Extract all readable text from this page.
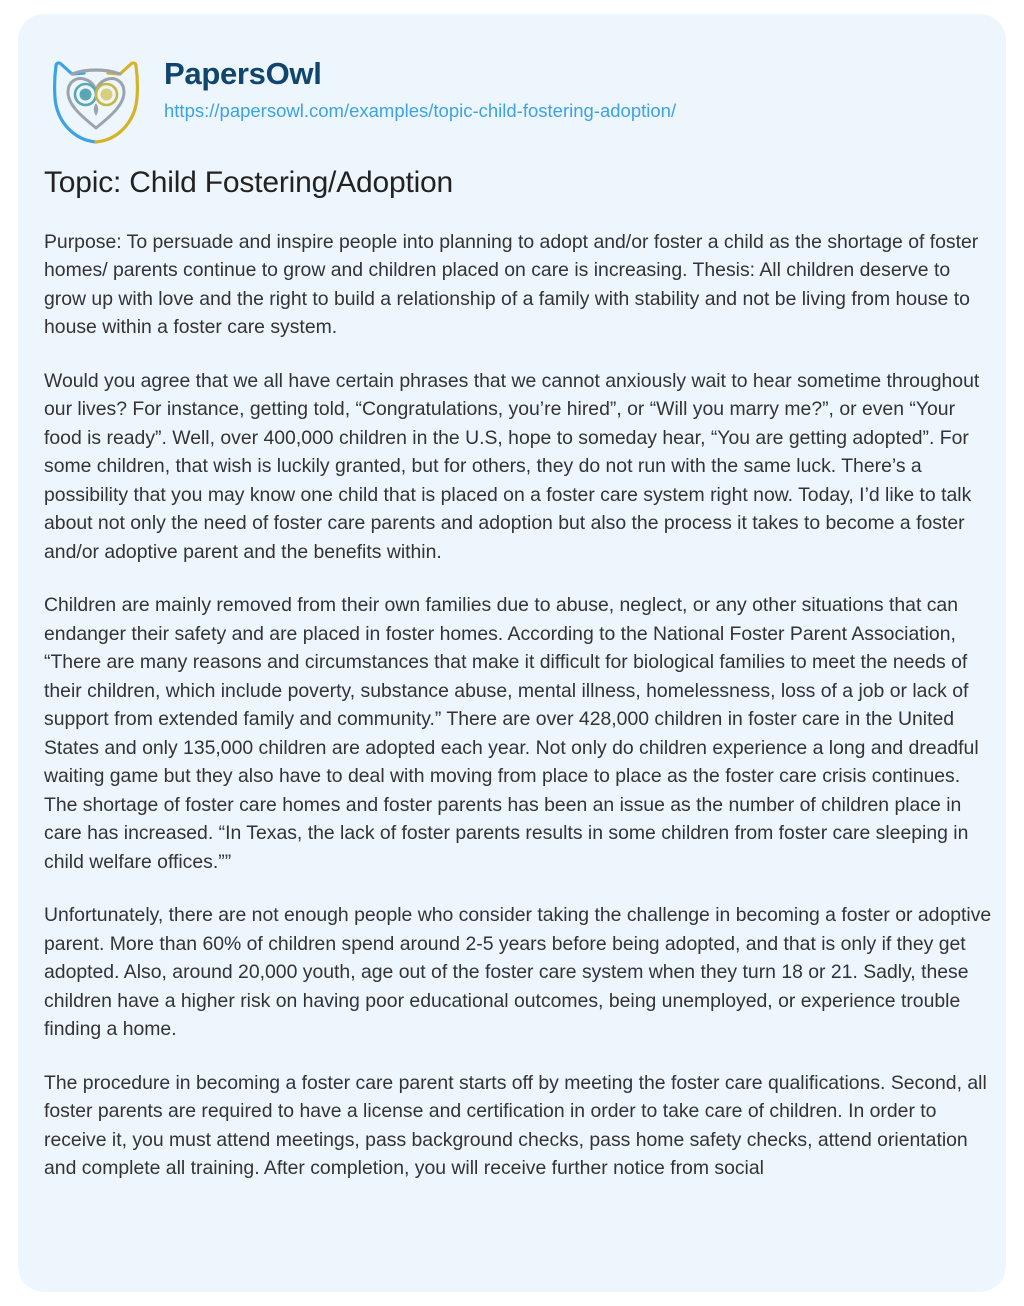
PapersOwl
https://papersowl.com/examples/topic-child-fostering-adoption/
Topic: Child Fostering/Adoption

Purpose: To persuade and inspire people into planning to adopt and/or foster a child as the shortage of foster homes/ parents continue to grow and children placed on care is increasing. Thesis: All children deserve to grow up with love and the right to build a relationship of a family with stability and not be living from house to house within a foster care system.

Would you agree that we all have certain phrases that we cannot anxiously wait to hear sometime throughout our lives? For instance, getting told, “Congratulations, you’re hired”, or “Will you marry me?”, or even “Your food is ready”. Well, over 400,000 children in the U.S, hope to someday hear, “You are getting adopted”. For some children, that wish is luckily granted, but for others, they do not run with the same luck. There’s a possibility that you may know one child that is placed on a foster care system right now. Today, I’d like to talk about not only the need of foster care parents and adoption but also the process it takes to become a foster and/or adoptive parent and the benefits within.

Children are mainly removed from their own families due to abuse, neglect, or any other situations that can endanger their safety and are placed in foster homes. According to the National Foster Parent Association, “There are many reasons and circumstances that make it difficult for biological families to meet the needs of their children, which include poverty, substance abuse, mental illness, homelessness, loss of a job or lack of support from extended family and community.” There are over 428,000 children in foster care in the United States and only 135,000 children are adopted each year. Not only do children experience a long and dreadful waiting game but they also have to deal with moving from place to place as the foster care crisis continues. The shortage of foster care homes and foster parents has been an issue as the number of children place in care has increased. “In Texas, the lack of foster parents results in some children from foster care sleeping in child welfare offices.””

Unfortunately, there are not enough people who consider taking the challenge in becoming a foster or adoptive parent. More than 60% of children spend around 2-5 years before being adopted, and that is only if they get adopted. Also, around 20,000 youth, age out of the foster care system when they turn 18 or 21. Sadly, these children have a higher risk on having poor educational outcomes, being unemployed, or experience trouble finding a home.

The procedure in becoming a foster care parent starts off by meeting the foster care qualifications. Second, all foster parents are required to have a license and certification in order to take care of children. In order to receive it, you must attend meetings, pass background checks, pass home safety checks, attend orientation and complete all training. After completion, you will receive further notice from social
